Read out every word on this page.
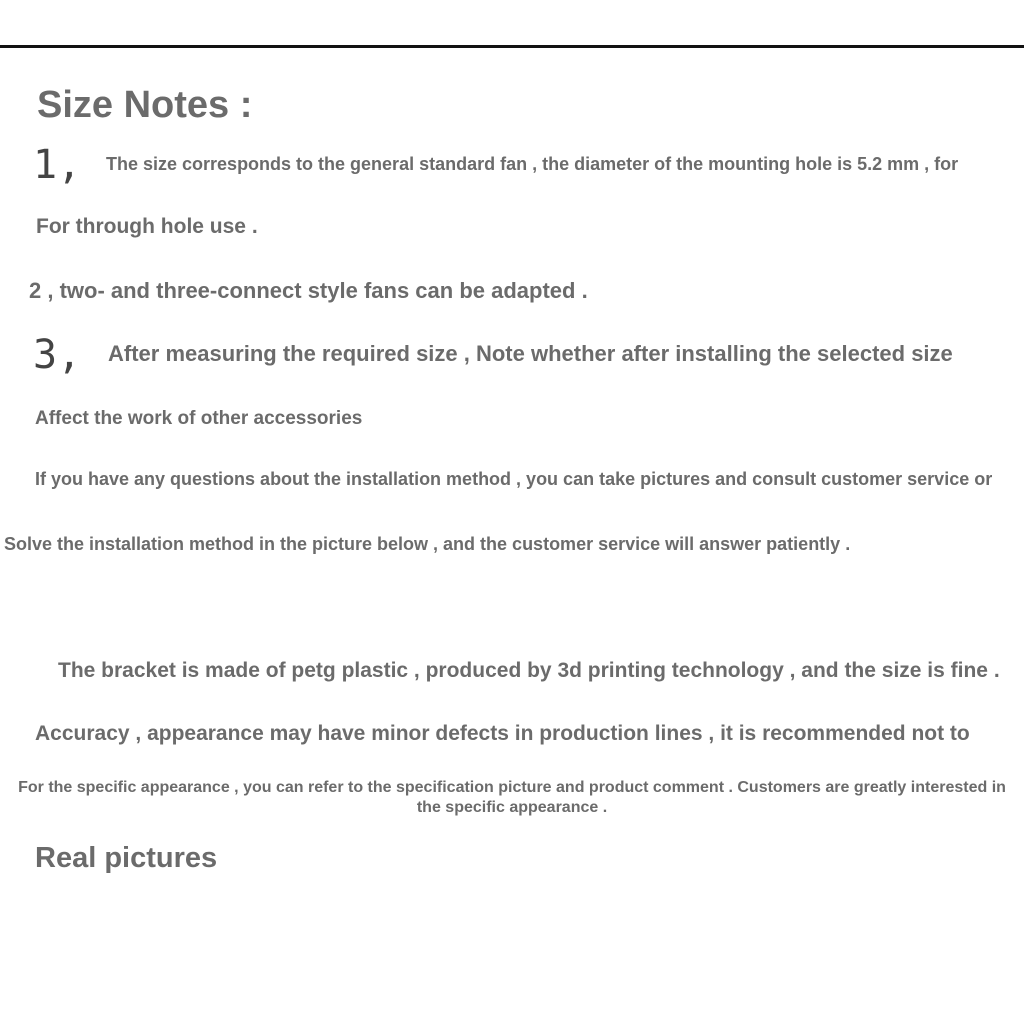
Size Notes :
1, The size corresponds to the general standard fan , the diameter of the mounting hole is 5.2 mm , for

For through hole use .

2 , two- and three-connect style fans can be adapted .

3, After measuring the required size , Note whether after installing the selected size

Affect the work of other accessories

If you have any questions about the installation method , you can take pictures and consult customer service or

Solve the installation method in the picture below , and the customer service will answer patiently .

The bracket is made of petg plastic , produced by 3d printing technology , and the size is fine .

Accuracy , appearance may have minor defects in production lines , it is recommended not to

For the specific appearance , you can refer to the specification picture and product comment . Customers are greatly interested in the specific appearance .

Real pictures
